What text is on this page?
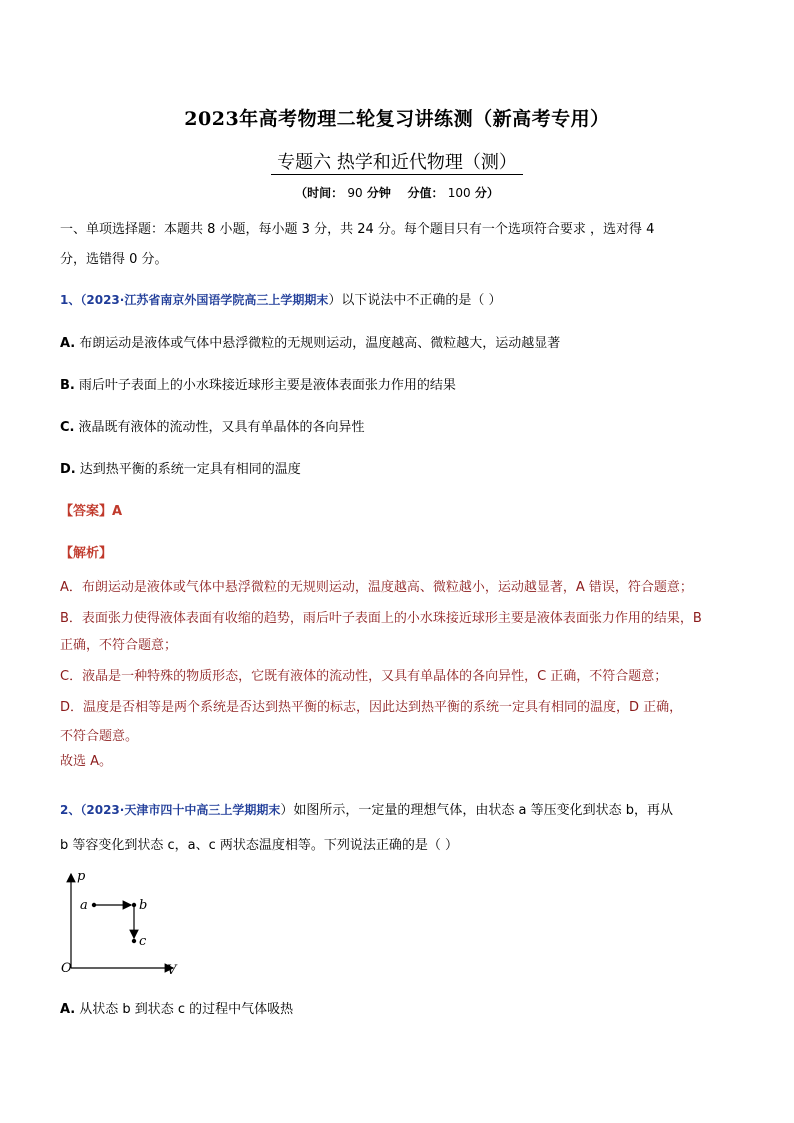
2023年高考物理二轮复习讲练测（新高考专用）
专题六 热学和近代物理（测）
（时间： 90 分钟 分值： 100 分）
一、单项选择题：本题共 8 小题，每小题 3 分，共 24 分。每个题目只有一个选项符合要求 ，选对得 4
分，选错得 0 分。
1、（2023·江苏省南京外国语学院高三上学期期末）以下说法中不正确的是（ ）
A. 布朗运动是液体或气体中悬浮微粒的无规则运动，温度越高、微粒越大，运动越显著
B. 雨后叶子表面上的小水珠接近球形主要是液体表面张力作用的结果
C. 液晶既有液体的流动性，又具有单晶体的各向异性
D. 达到热平衡的系统一定具有相同的温度
【答案】A
【解析】
A．布朗运动是液体或气体中悬浮微粒的无规则运动，温度越高、微粒越小，运动越显著，A 错误，符合题意；
B．表面张力使得液体表面有收缩的趋势，雨后叶子表面上的小水珠接近球形主要是液体表面张力作用的结果，B
正确，不符合题意；
C．液晶是一种特殊的物质形态，它既有液体的流动性，又具有单晶体的各向异性，C 正确，不符合题意；
D．温度是否相等是两个系统是否达到热平衡的标志，因此达到热平衡的系统一定具有相同的温度，D 正确，
不符合题意。
故选 A。
2、（2023·天津市四十中高三上学期期末）如图所示，一定量的理想气体，由状态 a 等压变化到状态 b，再从
b 等容变化到状态 c，a、c 两状态温度相等。下列说法正确的是（ ）
p
V
O
a	b
c
A. 从状态 b 到状态 c 的过程中气体吸热
